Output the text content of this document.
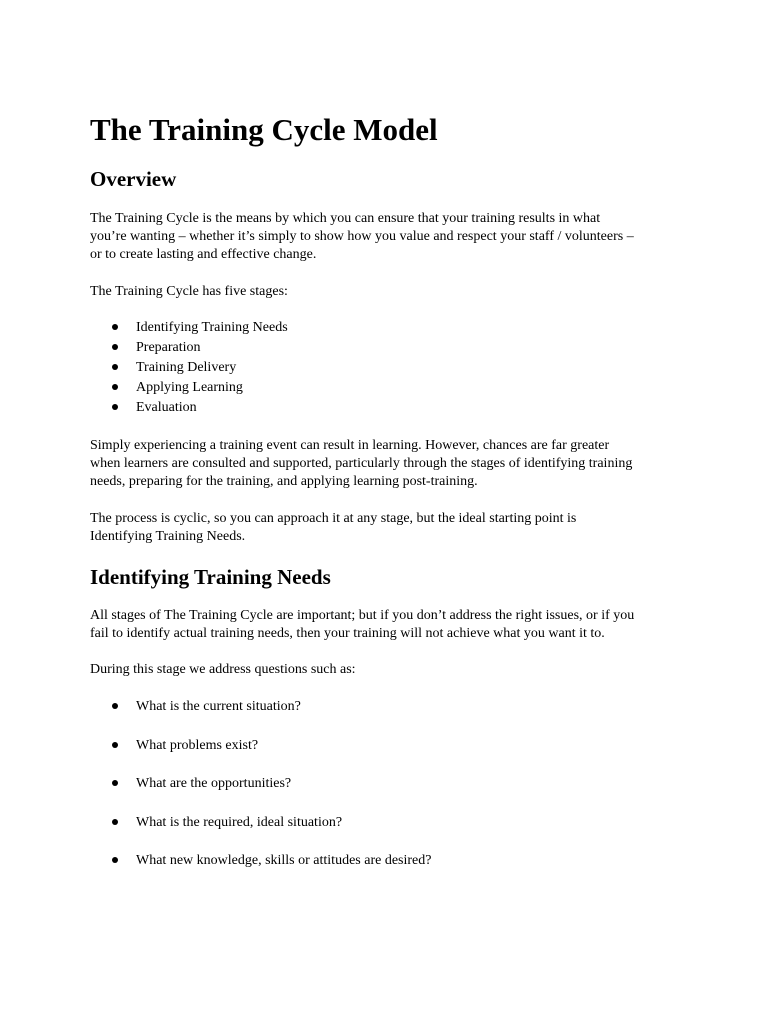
The Training Cycle Model
Overview
The Training Cycle is the means by which you can ensure that your training results in what
you’re wanting – whether it’s simply to show how you value and respect your staff / volunteers –
or to create lasting and effective change.
The Training Cycle has five stages:
Identifying Training Needs
Preparation
Training Delivery
Applying Learning
Evaluation
Simply experiencing a training event can result in learning. However, chances are far greater
when learners are consulted and supported, particularly through the stages of identifying training
needs, preparing for the training, and applying learning post-training.
The process is cyclic, so you can approach it at any stage, but the ideal starting point is
Identifying Training Needs.
Identifying Training Needs
All stages of The Training Cycle are important; but if you don’t address the right issues, or if you
fail to identify actual training needs, then your training will not achieve what you want it to.
During this stage we address questions such as:
What is the current situation?
What problems exist?
What are the opportunities?
What is the required, ideal situation?
What new knowledge, skills or attitudes are desired?
